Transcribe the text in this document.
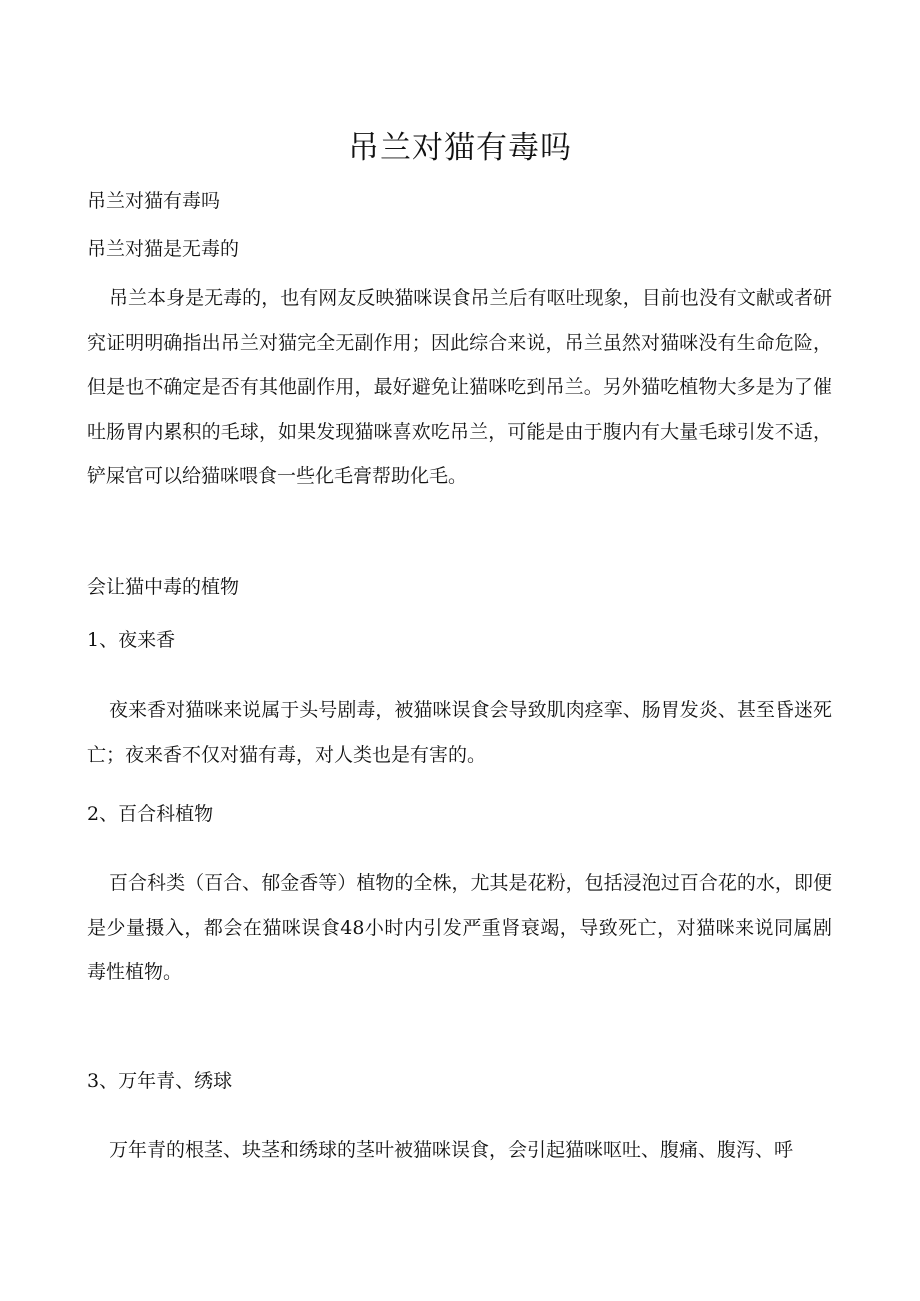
吊兰对猫有毒吗

吊兰对猫有毒吗

吊兰对猫是无毒的

吊兰本身是无毒的，也有网友反映猫咪误食吊兰后有呕吐现象，目前也没有文献或者研究证明明确指出吊兰对猫完全无副作用；因此综合来说，吊兰虽然对猫咪没有生命危险，但是也不确定是否有其他副作用，最好避免让猫咪吃到吊兰。另外猫吃植物大多是为了催吐肠胃内累积的毛球，如果发现猫咪喜欢吃吊兰，可能是由于腹内有大量毛球引发不适，铲屎官可以给猫咪喂食一些化毛膏帮助化毛。

会让猫中毒的植物

1、夜来香

夜来香对猫咪来说属于头号剧毒，被猫咪误食会导致肌肉痉挛、肠胃发炎、甚至昏迷死亡；夜来香不仅对猫有毒，对人类也是有害的。

2、百合科植物

百合科类（百合、郁金香等）植物的全株，尤其是花粉，包括浸泡过百合花的水，即便是少量摄入，都会在猫咪误食48小时内引发严重肾衰竭，导致死亡，对猫咪来说同属剧毒性植物。

3、万年青、绣球

万年青的根茎、块茎和绣球的茎叶被猫咪误食，会引起猫咪呕吐、腹痛、腹泻、呼
